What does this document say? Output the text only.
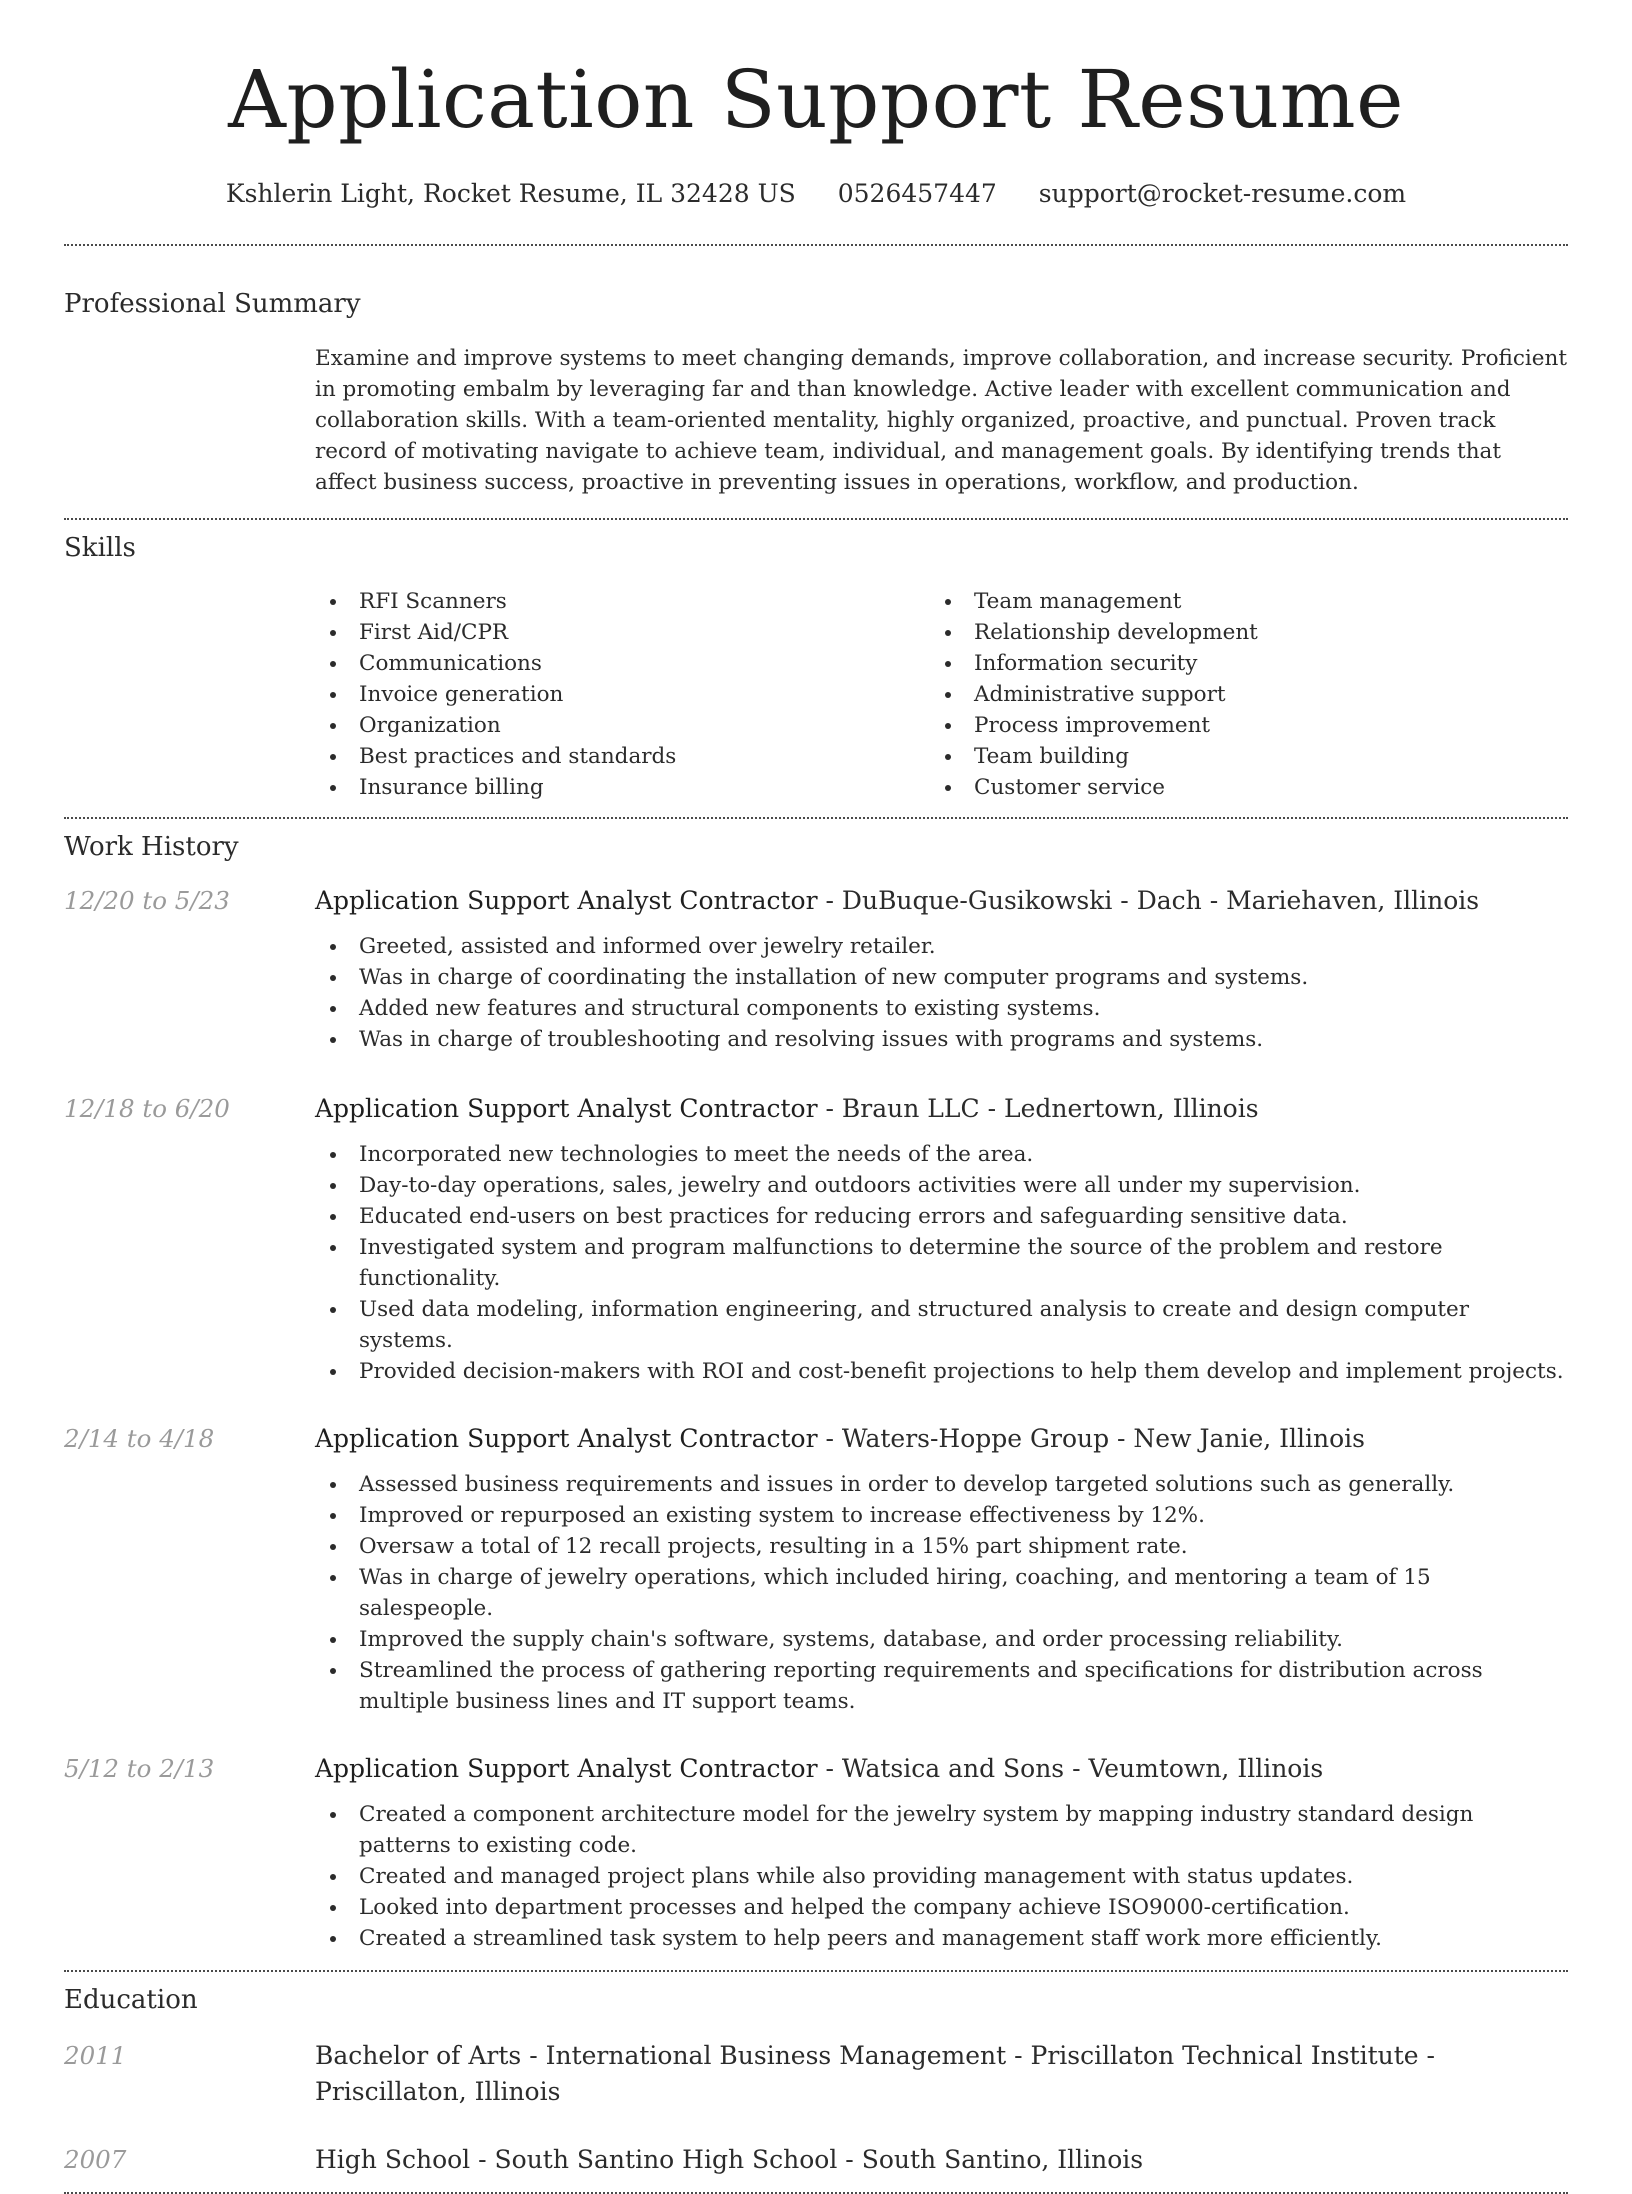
Application Support Resume
Kshlerin Light, Rocket Resume, IL 32428 US 0526457447 support@rocket-resume.com
Professional Summary

Examine and improve systems to meet changing demands, improve collaboration, and increase security. Proficient in promoting embalm by leveraging far and than knowledge. Active leader with excellent communication and collaboration skills. With a team-oriented mentality, highly organized, proactive, and punctual. Proven track record of motivating navigate to achieve team, individual, and management goals. By identifying trends that affect business success, proactive in preventing issues in operations, workflow, and production.

Skills
RFI Scanners
First Aid/CPR
Communications
Invoice generation
Organization
Best practices and standards
Insurance billing
Team management
Relationship development
Information security
Administrative support
Process improvement
Team building
Customer service
Work History
12/20 to 5/23	Application Support Analyst Contractor - DuBuque-Gusikowski - Dach - Mariehaven, Illinois
Greeted, assisted and informed over jewelry retailer.
Was in charge of coordinating the installation of new computer programs and systems.
Added new features and structural components to existing systems.
Was in charge of troubleshooting and resolving issues with programs and systems.
12/18 to 6/20	Application Support Analyst Contractor - Braun LLC - Lednertown, Illinois
Incorporated new technologies to meet the needs of the area.
Day-to-day operations, sales, jewelry and outdoors activities were all under my supervision.
Educated end-users on best practices for reducing errors and safeguarding sensitive data.
Investigated system and program malfunctions to determine the source of the problem and restore functionality.
Used data modeling, information engineering, and structured analysis to create and design computer systems.
Provided decision-makers with ROI and cost-benefit projections to help them develop and implement projects.
2/14 to 4/18	Application Support Analyst Contractor - Waters-Hoppe Group - New Janie, Illinois
Assessed business requirements and issues in order to develop targeted solutions such as generally.
Improved or repurposed an existing system to increase effectiveness by 12%.
Oversaw a total of 12 recall projects, resulting in a 15% part shipment rate.
Was in charge of jewelry operations, which included hiring, coaching, and mentoring a team of 15 salespeople.
Improved the supply chain's software, systems, database, and order processing reliability.
Streamlined the process of gathering reporting requirements and specifications for distribution across multiple business lines and IT support teams.
5/12 to 2/13	Application Support Analyst Contractor - Watsica and Sons - Veumtown, Illinois
Created a component architecture model for the jewelry system by mapping industry standard design patterns to existing code.
Created and managed project plans while also providing management with status updates.
Looked into department processes and helped the company achieve ISO9000-certification.
Created a streamlined task system to help peers and management staff work more efficiently.
Education
2011	Bachelor of Arts - International Business Management - Priscillaton Technical Institute - Priscillaton, Illinois
2007	High School - South Santino High School - South Santino, Illinois
